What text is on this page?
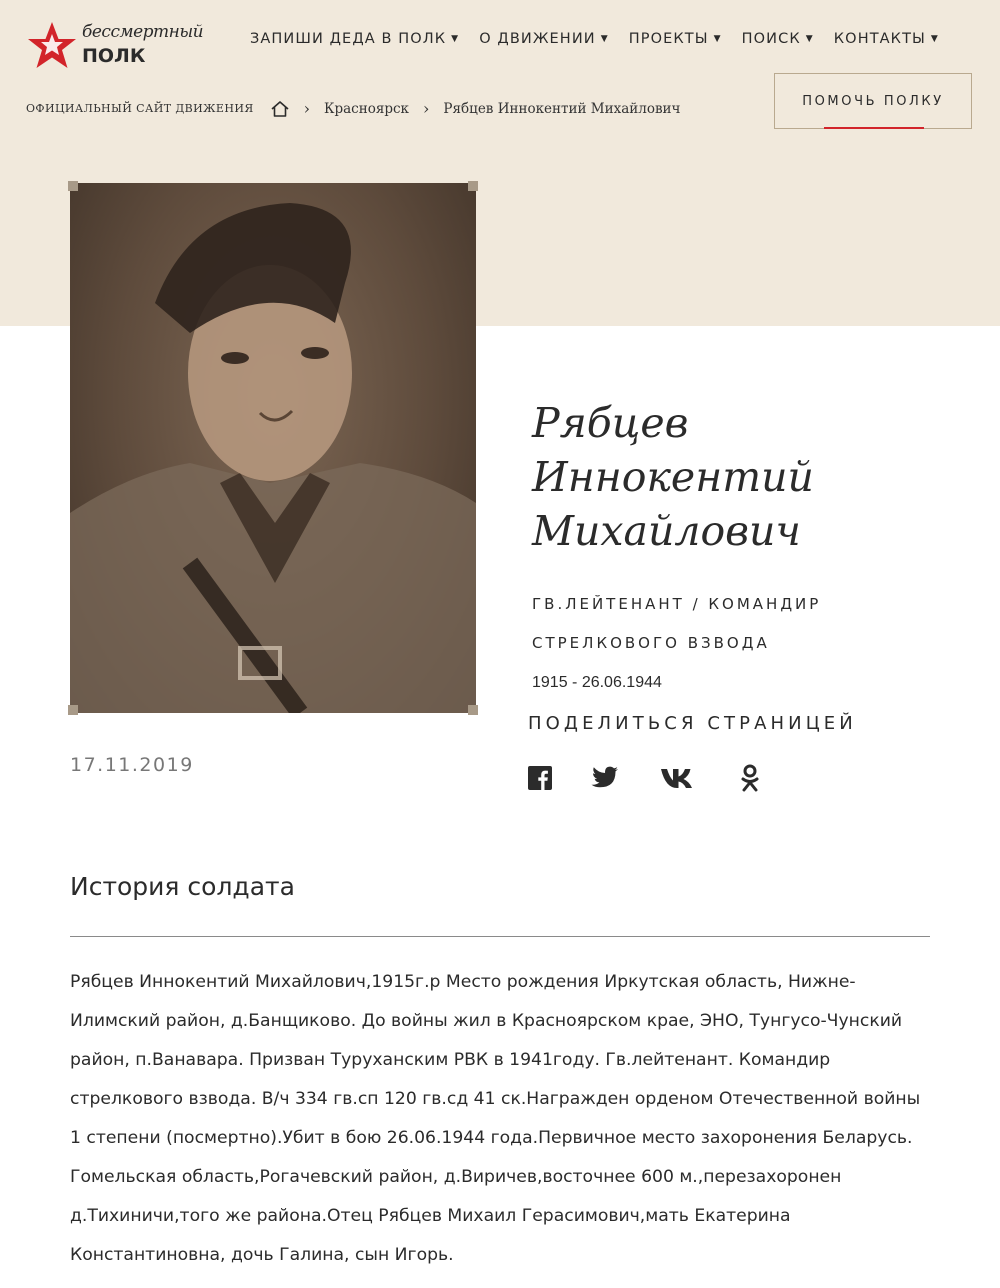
бессмертный
ПОЛК
ЗАПИШИ ДЕДА В ПОЛК ▼ О ДВИЖЕНИИ ▼ ПРОЕКТЫ ▼ ПОИСК ▼ КОНТАКТЫ ▼
ОФИЦИАЛЬНЫЙ САЙТ ДВИЖЕНИЯ	› Красноярск › Рябцев Иннокентий Михайлович	ПОМОЧЬ ПОЛКУ
17.11.2019
Рябцев
Иннокентий
Михайлович
ГВ.ЛЕЙТЕНАНТ / КОМАНДИР СТРЕЛКОВОГО ВЗВОДА
1915 - 26.06.1944
ПОДЕЛИТЬСЯ СТРАНИЦЕЙ
История солдата

Рябцев Иннокентий Михайлович,1915г.р Место рождения Иркутская область, Нижне-Илимский район, д.Банщиково. До войны жил в Красноярском крае, ЭНО, Тунгусо-Чунский район, п.Ванавара. Призван Туруханским РВК в 1941году. Гв.лейтенант. Командир стрелкового взвода. В/ч 334 гв.сп 120 гв.сд 41 ск.Награжден орденом Отечественной войны 1 степени (посмертно).Убит в бою 26.06.1944 года.Первичное место захоронения Беларусь. Гомельская область,Рогачевский район, д.Виричев,восточнее 600 м.,перезахоронен д.Тихиничи,того же района.Отец Рябцев Михаил Герасимович,мать Екатерина Константиновна, дочь Галина, сын Игорь.
